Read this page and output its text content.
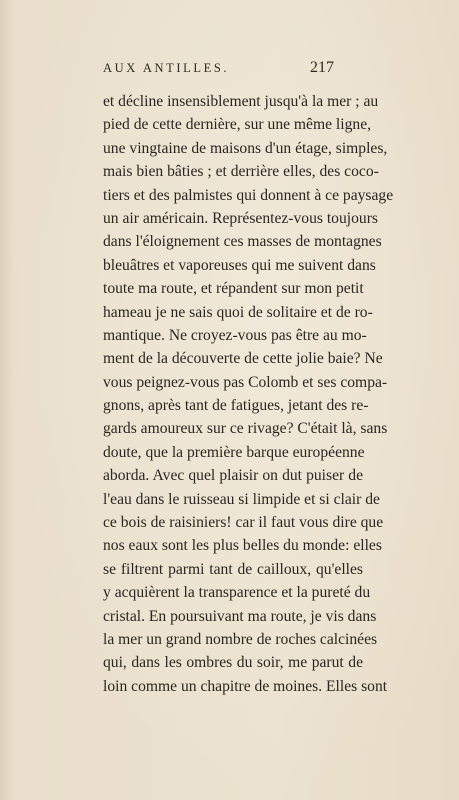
AUX ANTILLES.	217
et décline insensiblement jusqu'à la mer ; au
pied de cette dernière, sur une même ligne,
une vingtaine de maisons d'un étage, simples,
mais bien bâties ; et derrière elles, des coco-
tiers et des palmistes qui donnent à ce paysage
un air américain. Représentez-vous toujours
dans l'éloignement ces masses de montagnes
bleuâtres et vaporeuses qui me suivent dans
toute ma route, et répandent sur mon petit
hameau je ne sais quoi de solitaire et de ro-
mantique. Ne croyez-vous pas être au mo-
ment de la découverte de cette jolie baie? Ne
vous peignez-vous pas Colomb et ses compa-
gnons, après tant de fatigues, jetant des re-
gards amoureux sur ce rivage? C'était là, sans
doute, que la première barque européenne
aborda. Avec quel plaisir on dut puiser de
l'eau dans le ruisseau si limpide et si clair de
ce bois de raisiniers! car il faut vous dire que
nos eaux sont les plus belles du monde: elles
se filtrent parmi tant de cailloux, qu'elles
y acquièrent la transparence et la pureté du
cristal. En poursuivant ma route, je vis dans
la mer un grand nombre de roches calcinées
qui, dans les ombres du soir, me parut de
loin comme un chapitre de moines. Elles sont
